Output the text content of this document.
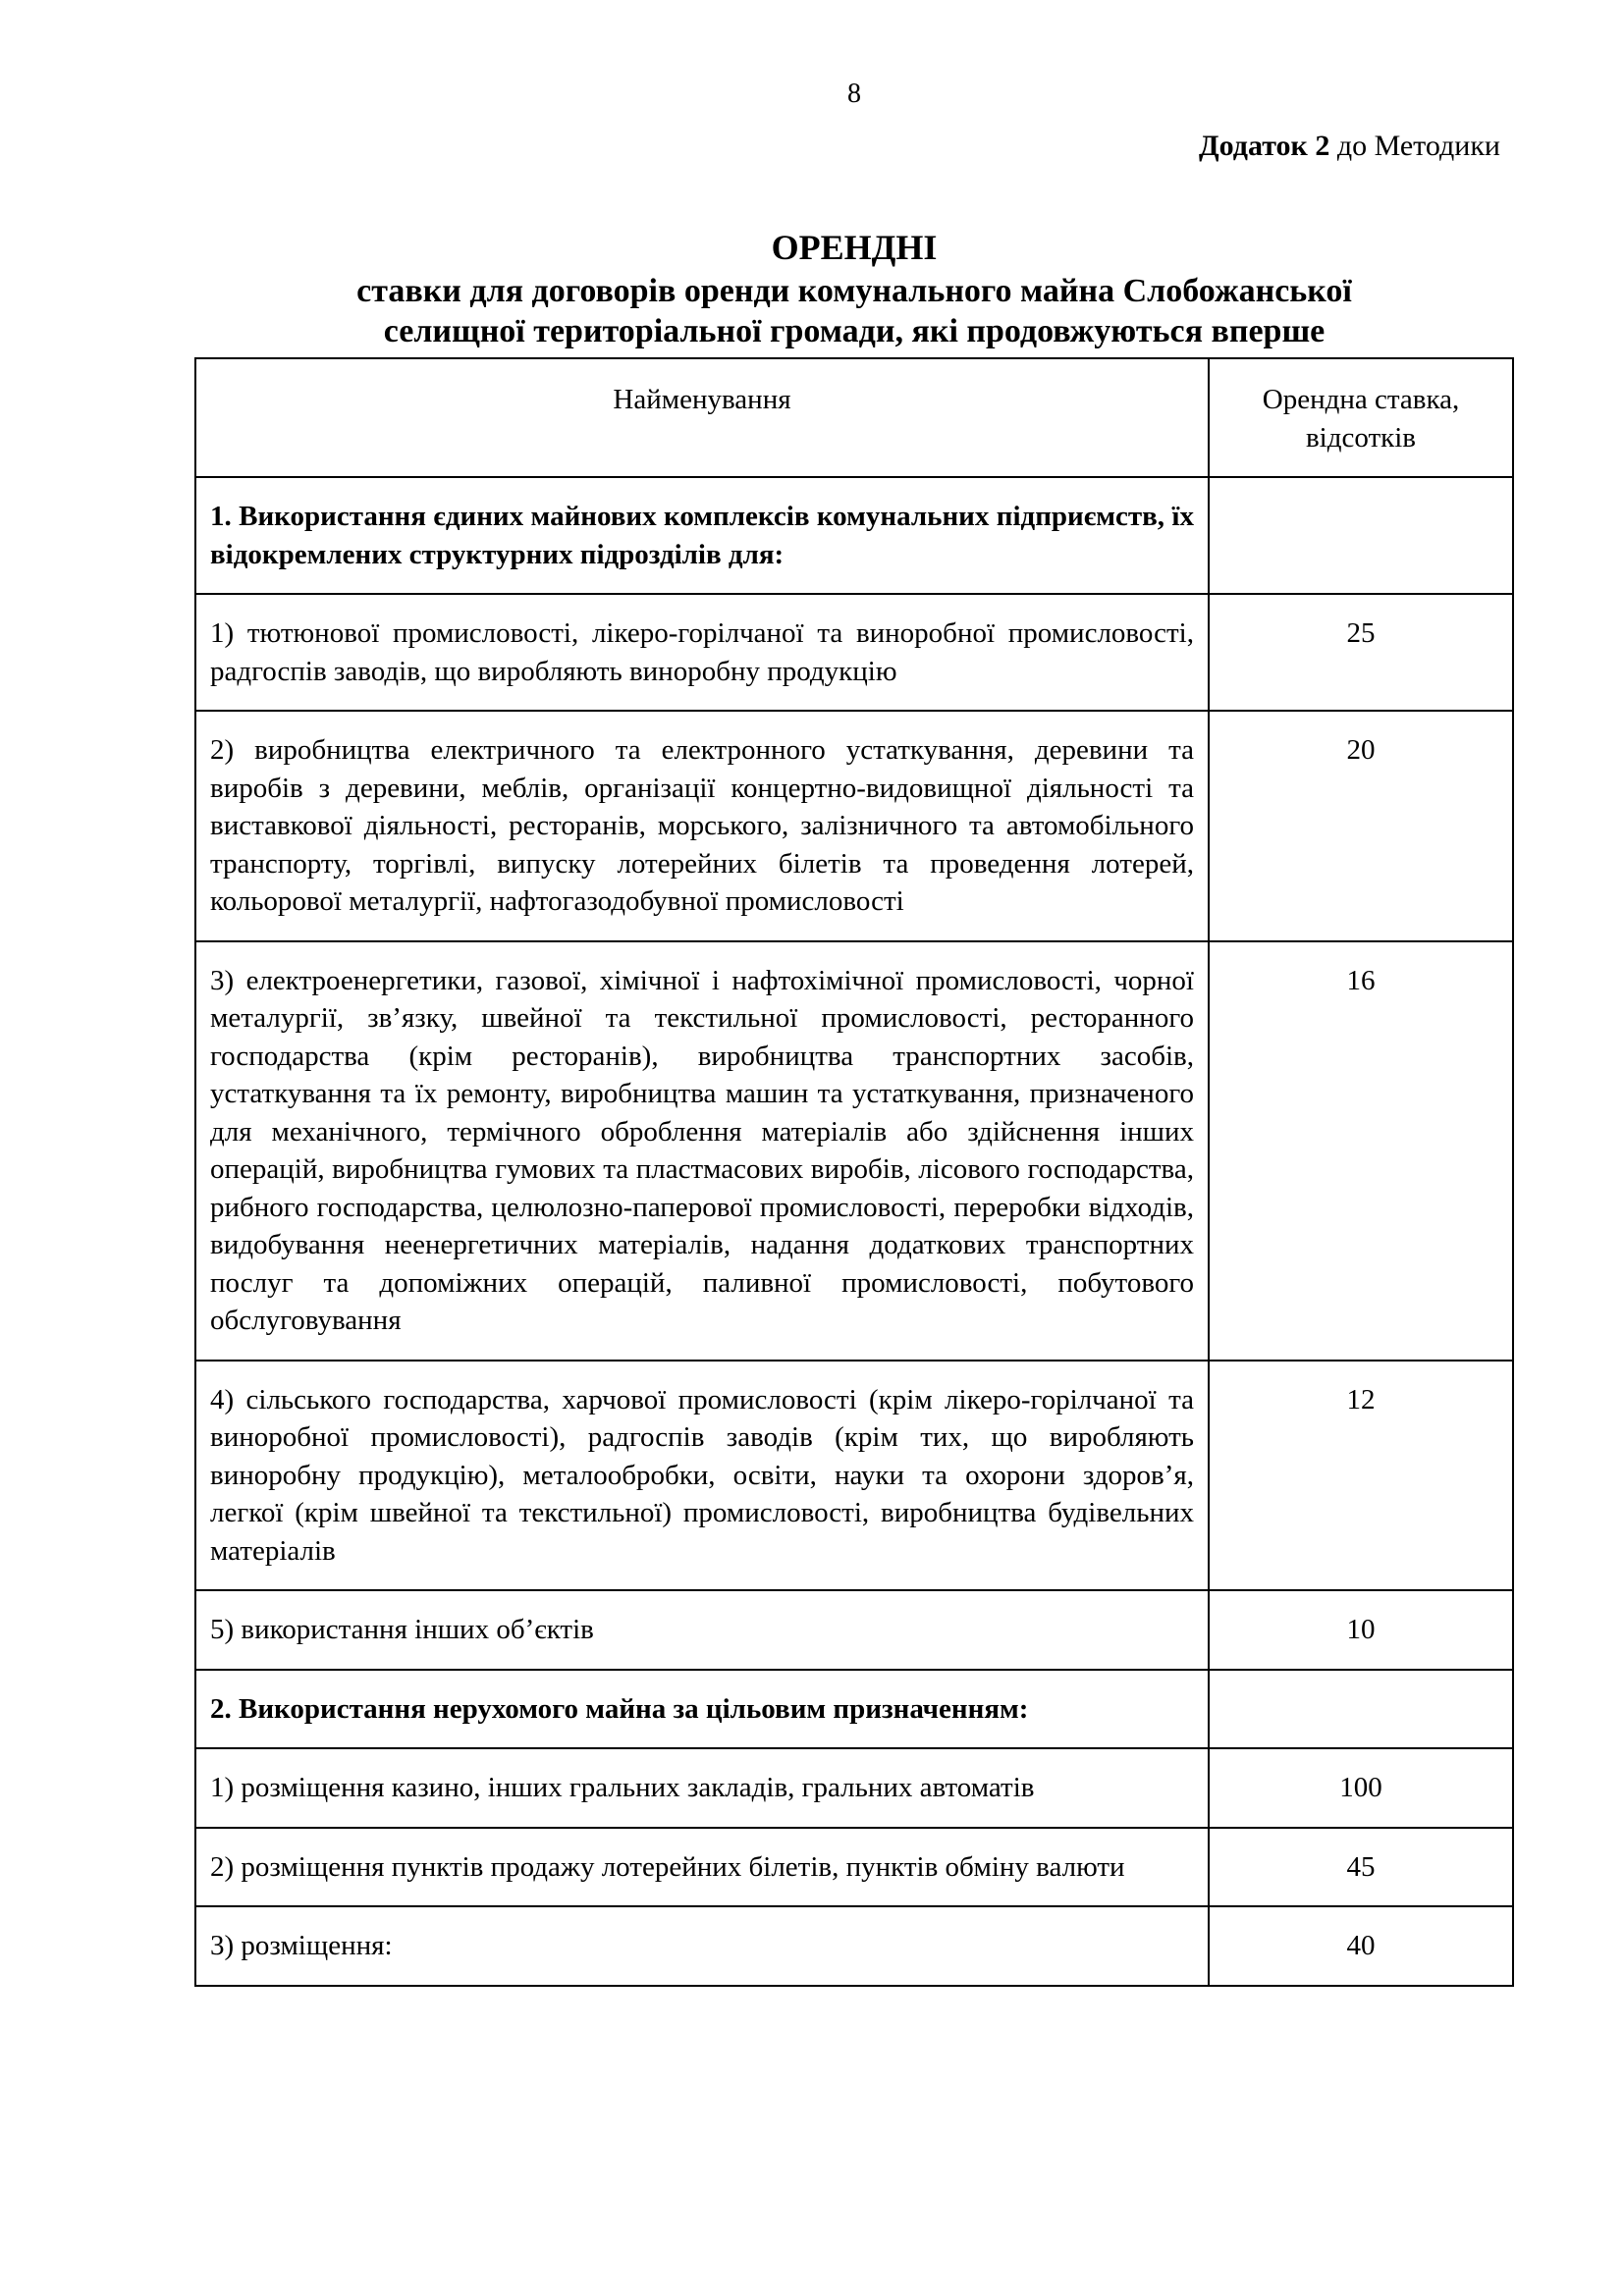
8
Додаток 2 до Методики
ОРЕНДНІ
ставки для договорів оренди комунального майна Слобожанської
селищної територіальної громади, які продовжуються вперше
Найменування	Орендна ставка, відсотків
1. Використання єдиних майнових комплексів комунальних підприємств, їх відокремлених структурних підрозділів для:	
1) тютюнової промисловості, лікеро-горілчаної та виноробної промисловості, радгоспів заводів, що виробляють виноробну продукцію	25
2) виробництва електричного та електронного устаткування, деревини та виробів з деревини, меблів, організації концертно-видовищної діяльності та виставкової діяльності, ресторанів, морського, залізничного та автомобільного транспорту, торгівлі, випуску лотерейних білетів та проведення лотерей, кольорової металургії, нафтогазодобувної промисловості	20
3) електроенергетики, газової, хімічної і нафтохімічної промисловості, чорної металургії, зв’язку, швейної та текстильної промисловості, ресторанного господарства (крім ресторанів), виробництва транспортних засобів, устаткування та їх ремонту, виробництва машин та устаткування, призначеного для механічного, термічного оброблення матеріалів або здійснення інших операцій, виробництва гумових та пластмасових виробів, лісового господарства, рибного господарства, целюлозно-паперової промисловості, переробки відходів, видобування неенергетичних матеріалів, надання додаткових транспортних послуг та допоміжних операцій, паливної промисловості, побутового обслуговування	16
4) сільського господарства, харчової промисловості (крім лікеро-горілчаної та виноробної промисловості), радгоспів заводів (крім тих, що виробляють виноробну продукцію), металообробки, освіти, науки та охорони здоров’я, легкої (крім швейної та текстильної) промисловості, виробництва будівельних матеріалів	12
5) використання інших об’єктів	10
2. Використання нерухомого майна за цільовим призначенням:	
1) розміщення казино, інших гральних закладів, гральних автоматів	100
2) розміщення пунктів продажу лотерейних білетів, пунктів обміну валюти	45
3) розміщення:	40
